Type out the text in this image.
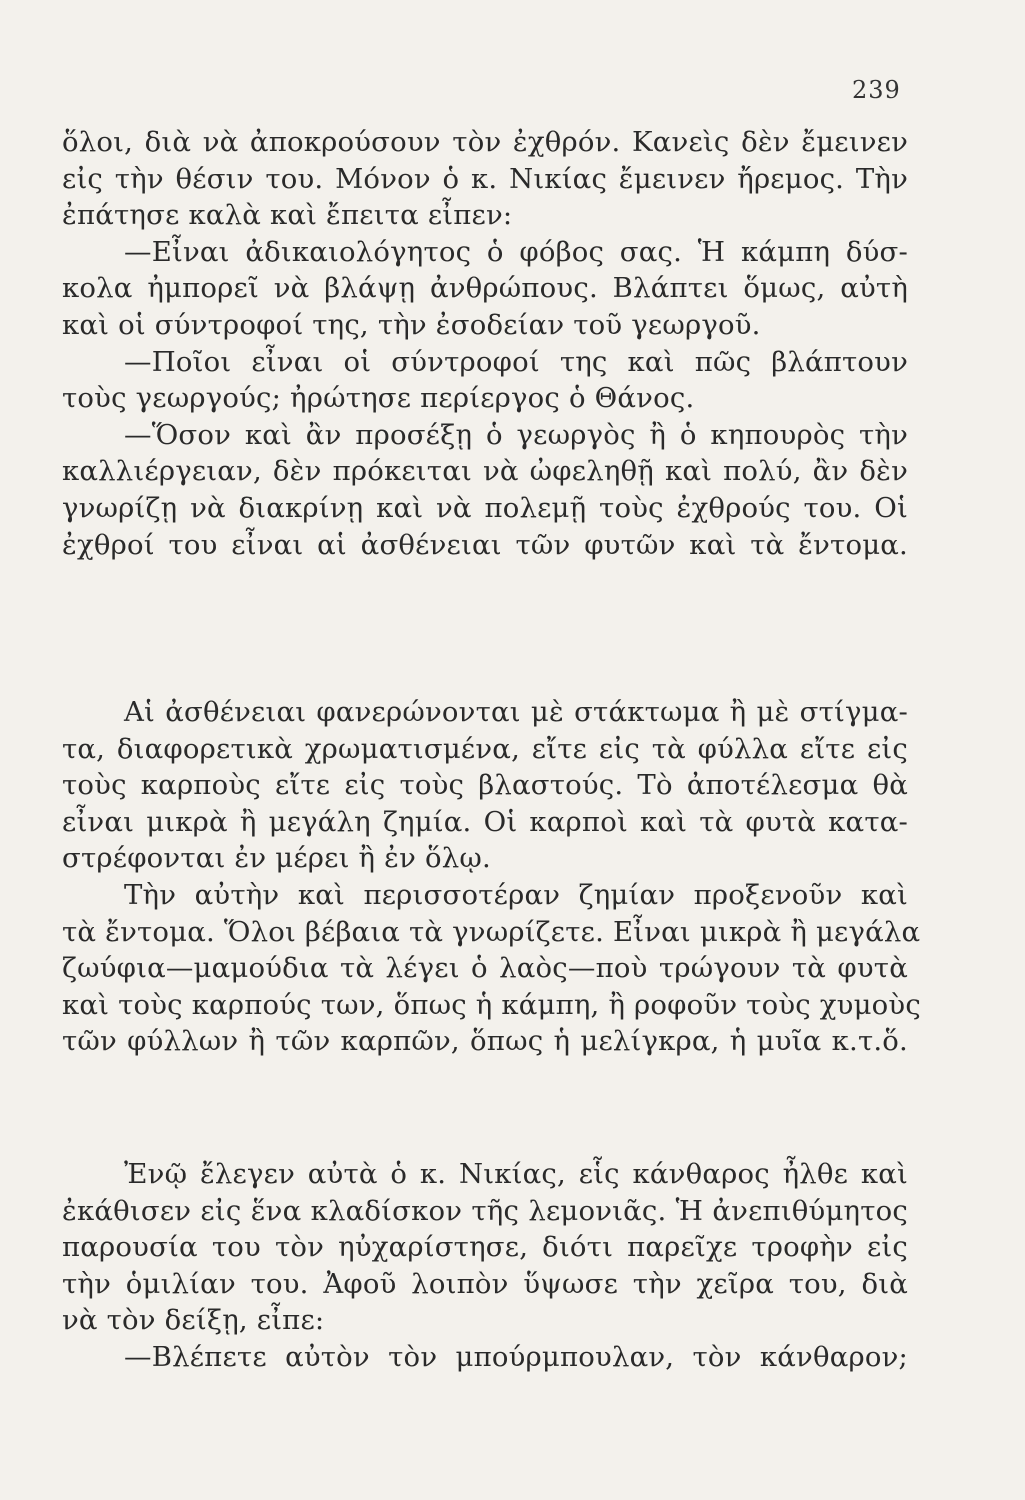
239
ὅλοι, διὰ νὰ ἀποκρούσουν τὸν ἐχθρόν. Κανεὶς δὲν ἔμεινεν
εἰς τὴν θέσιν του. Μόνον ὁ κ. Νικίας ἔμεινεν ἤρεμος. Τὴν
ἐπάτησε καλὰ καὶ ἔπειτα εἶπεν:
—Εἶναι ἀδικαιολόγητος ὁ φόβος σας. Ἡ κάμπη δύσ-
κολα ἠμπορεῖ νὰ βλάψῃ ἀνθρώπους. Βλάπτει ὅμως, αὐτὴ
καὶ οἱ σύντροφοί της, τὴν ἐσοδείαν τοῦ γεωργοῦ.
—Ποῖοι εἶναι οἱ σύντροφοί της καὶ πῶς βλάπτουν
τοὺς γεωργούς; ἠρώτησε περίεργος ὁ Θάνος.
—Ὅσον καὶ ἂν προσέξῃ ὁ γεωργὸς ἢ ὁ κηπουρὸς τὴν
καλλιέργειαν, δὲν πρόκειται νὰ ὠφεληθῇ καὶ πολύ, ἂν δὲν
γνωρίζῃ νὰ διακρίνῃ καὶ νὰ πολεμῇ τοὺς ἐχθρούς του. Οἱ
ἐχθροί του εἶναι αἱ ἀσθένειαι τῶν φυτῶν καὶ τὰ ἔντομα.
Αἱ ἀσθένειαι φανερώνονται μὲ στάκτωμα ἢ μὲ στίγμα-
τα, διαφορετικὰ χρωματισμένα, εἴτε εἰς τὰ φύλλα εἴτε εἰς
τοὺς καρποὺς εἴτε εἰς τοὺς βλαστούς. Τὸ ἀποτέλεσμα θὰ
εἶναι μικρὰ ἢ μεγάλη ζημία. Οἱ καρποὶ καὶ τὰ φυτὰ κατα-
στρέφονται ἐν μέρει ἢ ἐν ὅλῳ.
Τὴν αὐτὴν καὶ περισσοτέραν ζημίαν προξενοῦν καὶ
τὰ ἔντομα. Ὅλοι βέβαια τὰ γνωρίζετε. Εἶναι μικρὰ ἢ μεγάλα
ζωύφια—μαμούδια τὰ λέγει ὁ λαὸς—ποὺ τρώγουν τὰ φυτὰ
καὶ τοὺς καρπούς των, ὅπως ἡ κάμπη, ἢ ροφοῦν τοὺς χυμοὺς
τῶν φύλλων ἢ τῶν καρπῶν, ὅπως ἡ μελίγκρα, ἡ μυῖα κ.τ.ὅ.
Ἐνῷ ἔλεγεν αὐτὰ ὁ κ. Νικίας, εἷς κάνθαρος ἦλθε καὶ
ἐκάθισεν εἰς ἕνα κλαδίσκον τῆς λεμονιᾶς. Ἡ ἀνεπιθύμητος
παρουσία του τὸν ηὐχαρίστησε, διότι παρεῖχε τροφὴν εἰς
τὴν ὁμιλίαν του. Ἀφοῦ λοιπὸν ὕψωσε τὴν χεῖρα του, διὰ
νὰ τὸν δείξῃ, εἶπε:
—Βλέπετε αὐτὸν τὸν μπούρμπουλαν, τὸν κάνθαρον;
